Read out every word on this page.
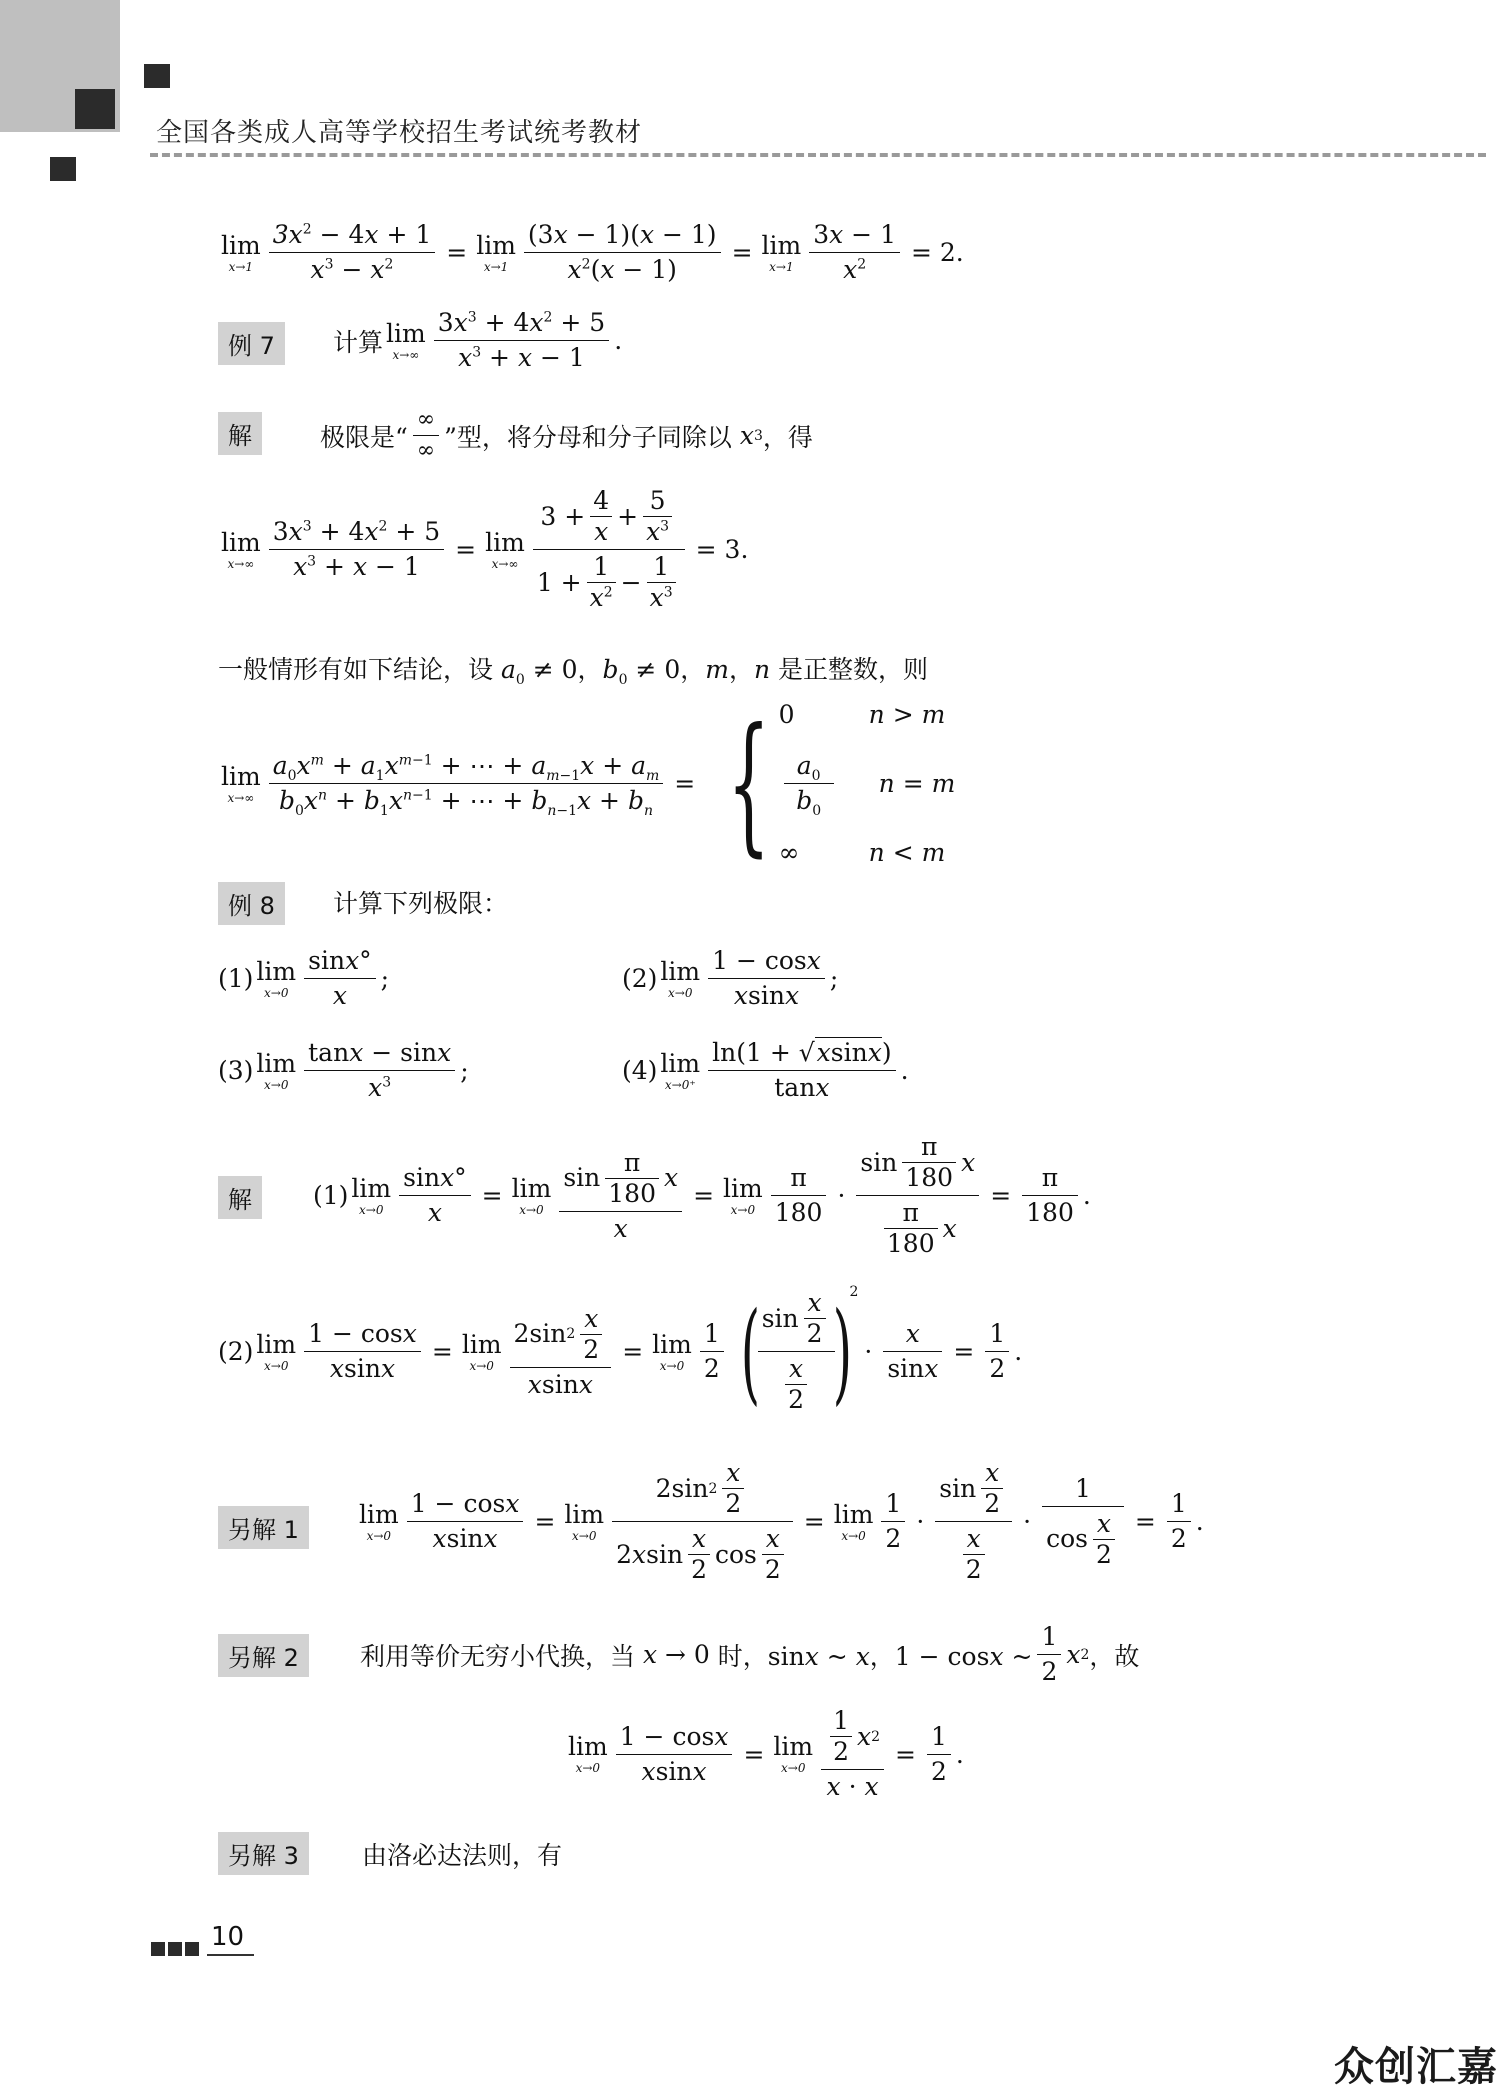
全国各类成人高等学校招生考试统考教材
lim
$x\to 1 \frac{3x^2 - 4x + 1}{x^3 - x^2} = \lim$
$x\to 1 \frac{(3x - 1)(x - 1)}{x^2(x - 1)} = \lim$
$x\to 1 \frac{3x - 1}{x^2} = 2$.
例 7	计算 lim
$x\to\infty \frac{3x^3 + 4x^2 + 5}{x^3 + x - 1}$ .
解	极限是“ $\frac{\infty}{\infty}$ ”型，将分母和分子同除以 x 3 ，得
lim
$x\to\infty \frac{3x^3 + 4x^2 + 5}{x^3 + x - 1} = \lim$
$x\to\infty \frac{3 + \frac{4}{x} + \frac{5}{x^3}}{1 + \frac{1}{x^2} - \frac{1}{x^3}} = 3$.
一般情形有如下结论，设 $a_0 \ne 0$，$b_0 \ne 0$，m，n 是正整数，则
lim
$x\to\infty \frac{a_0x^m + a_1x^{m-1} + \cdots + a_{m-1}x + a_m}{b_0x^n + b_1x^{n-1} + \cdots + b_{n-1}x + b_n}$ = { 0	n > m
$\frac{a_0}{b_0}$ n = m
∞	n < m
例 8	计算下列极限：
(1) lim
$x\to 0 \frac{\sin x^\circ}{x}$ ;	(2) lim
$x\to 0 \frac{1 - \cos x}{xsinx}$ ;
(3) lim
$x\to 0 \frac{\tan x - \sin x}{x^3}$ ;	(4) lim
$x\to 0^+ \frac{\ln(1 + √xsinx)}{\tan x}$ .
解	(1) lim
$x\to 0 \frac{\sin x^\circ}{x} = \lim$
$x\to 0 \frac{\sin \frac{\pi}{180} x}{x} = \lim$
$x\to 0 \frac{\pi}{180} \cdot \frac{\sin \frac{\pi}{180} x}{\frac{\pi}{180} x} = \frac{\pi}{180}$ .
(2) lim
$x\to 0 \frac{1 - \cos x}{xsinx} = \lim$
$x\to 0 \frac{2\sin 2 \frac{x}{2}}{xsinx} = \lim$
$x\to 0 \frac{1}{2}$ (
$\frac{\sin \frac{x}{2}}{\frac{x}{2}}$
)
2
· $\frac{x}{\sin x} = \frac{1}{2}$ .
另解 1
lim
$x\to 0 \frac{1 - \cos x}{xsinx} = \lim$
$x\to 0 \frac{2\sin 2 \frac{x}{2}}{2 x \sin \frac{x}{2} \cos \frac{x}{2}} = \lim$
$x\to 0 \frac{1}{2} \cdot \frac{\sin \frac{x}{2}}{\frac{x}{2}} \cdot \frac{1}{\cos \frac{x}{2}} = \frac{1}{2}$ .
另解 2	利用等价无穷小代换，当 x → 0 时， sinx ~ x，1 − cosx ~ $\frac{1}{2}$ x 2 ，故
lim
$x\to 0 \frac{1 - \cos x}{xsinx} = \lim$
$x\to 0 \frac{\frac{1}{2} x 2}{x \cdot x} = \frac{1}{2}$ .
另解 3	由洛必达法则，有
10
众创汇嘉
